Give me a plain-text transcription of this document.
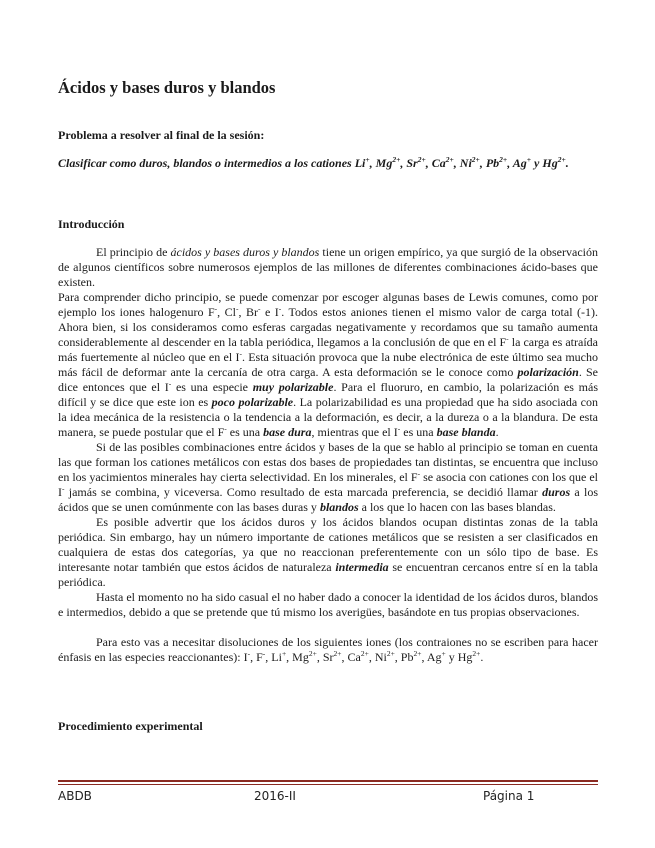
Ácidos y bases duros y blandos

Problema a resolver al final de la sesión:

Clasificar como duros, blandos o intermedios a los cationes Li+, $Mg^{2+}$, $Sr^{2+}$, $Ca^{2+}$, $Ni^{2+}$, $Pb^{2+}$, Ag+ y $Hg^{2+}$.

Introducción

El principio de ácidos y bases duros y blandos tiene un origen empírico, ya que surgió de la observación de algunos científicos sobre numerosos ejemplos de las millones de diferentes combinaciones ácido-bases que existen.

Para comprender dicho principio, se puede comenzar por escoger algunas bases de Lewis comunes, como por ejemplo los iones halogenuro F-, Cl-, Br- e I-. Todos estos aniones tienen el mismo valor de carga total (-1). Ahora bien, si los consideramos como esferas cargadas negativamente y recordamos que su tamaño aumenta considerablemente al descender en la tabla periódica, llegamos a la conclusión de que en el F- la carga es atraída más fuertemente al núcleo que en el I-. Esta situación provoca que la nube electrónica de este último sea mucho más fácil de deformar ante la cercanía de otra carga. A esta deformación se le conoce como polarización. Se dice entonces que el I- es una especie muy polarizable. Para el fluoruro, en cambio, la polarización es más difícil y se dice que este ion es poco polarizable. La polarizabilidad es una propiedad que ha sido asociada con la idea mecánica de la resistencia o la tendencia a la deformación, es decir, a la dureza o a la blandura. De esta manera, se puede postular que el F- es una base dura, mientras que el I- es una base blanda.

Si de las posibles combinaciones entre ácidos y bases de la que se hablo al principio se toman en cuenta las que forman los cationes metálicos con estas dos bases de propiedades tan distintas, se encuentra que incluso en los yacimientos minerales hay cierta selectividad. En los minerales, el F- se asocia con cationes con los que el I- jamás se combina, y viceversa. Como resultado de esta marcada preferencia, se decidió llamar duros a los ácidos que se unen comúnmente con las bases duras y blandos a los que lo hacen con las bases blandas.

Es posible advertir que los ácidos duros y los ácidos blandos ocupan distintas zonas de la tabla periódica. Sin embargo, hay un número importante de cationes metálicos que se resisten a ser clasificados en cualquiera de estas dos categorías, ya que no reaccionan preferentemente con un sólo tipo de base. Es interesante notar también que estos ácidos de naturaleza intermedia se encuentran cercanos entre sí en la tabla periódica.

Hasta el momento no ha sido casual el no haber dado a conocer la identidad de los ácidos duros, blandos e intermedios, debido a que se pretende que tú mismo los averigües, basándote en tus propias observaciones.

Para esto vas a necesitar disoluciones de los siguientes iones (los contraiones no se escriben para hacer énfasis en las especies reaccionantes): I-, F-, Li+, $Mg^{2+}$, $Sr^{2+}$, $Ca^{2+}$, $Ni^{2+}$, $Pb^{2+}$, Ag+ y $Hg^{2+}$.

Procedimiento experimental

ABDB	2016-II	Página 1
